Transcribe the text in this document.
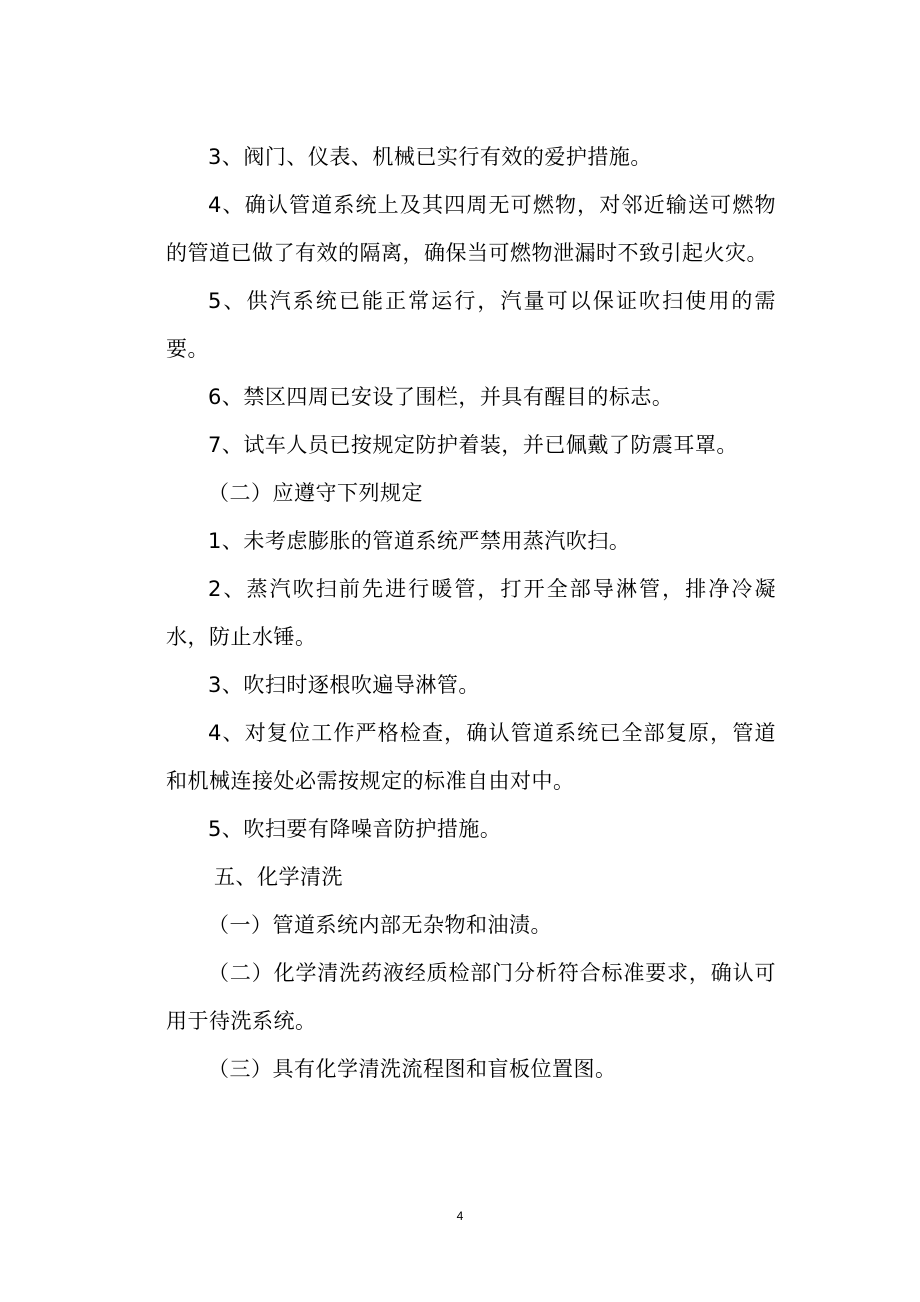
3、阀门、仪表、机械已实行有效的爱护措施。

4、确认管道系统上及其四周无可燃物，对邻近输送可燃物的管道已做了有效的隔离，确保当可燃物泄漏时不致引起火灾。

5、供汽系统已能正常运行，汽量可以保证吹扫使用的需要。

6、禁区四周已安设了围栏，并具有醒目的标志。

7、试车人员已按规定防护着装，并已佩戴了防震耳罩。

（二）应遵守下列规定

1、未考虑膨胀的管道系统严禁用蒸汽吹扫。

2、蒸汽吹扫前先进行暖管，打开全部导淋管，排净冷凝水，防止水锤。

3、吹扫时逐根吹遍导淋管。

4、对复位工作严格检查，确认管道系统已全部复原，管道和机械连接处必需按规定的标准自由对中。

5、吹扫要有降噪音防护措施。

五、化学清洗

（一）管道系统内部无杂物和油渍。

（二）化学清洗药液经质检部门分析符合标准要求，确认可用于待洗系统。

（三）具有化学清洗流程图和盲板位置图。

4
